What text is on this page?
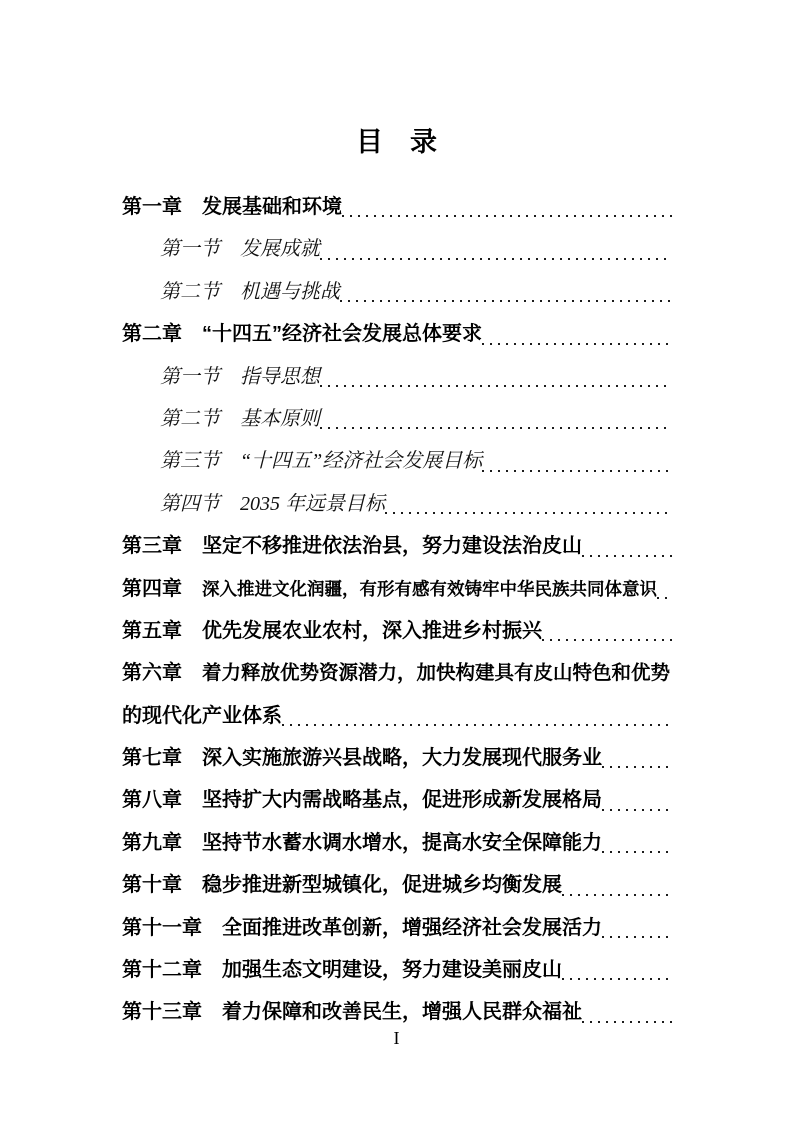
目　录
第一章 发展基础和环境
第一节 发展成就
第二节 机遇与挑战
第二章 “十四五”经济社会发展总体要求
第一节 指导思想
第二节 基本原则
第三节 “十四五”经济社会发展目标
第四节 2035 年远景目标
第三章 坚定不移推进依法治县，努力建设法治皮山
第四章 深入推进文化润疆，有形有感有效铸牢中华民族共同体意识
第五章 优先发展农业农村，深入推进乡村振兴
第六章 着力释放优势资源潜力，加快构建具有皮山特色和优势
的现代化产业体系
第七章 深入实施旅游兴县战略，大力发展现代服务业
第八章 坚持扩大内需战略基点，促进形成新发展格局
第九章 坚持节水蓄水调水增水，提高水安全保障能力
第十章 稳步推进新型城镇化，促进城乡均衡发展
第十一章 全面推进改革创新，增强经济社会发展活力
第十二章 加强生态文明建设，努力建设美丽皮山
第十三章 着力保障和改善民生，增强人民群众福祉
I
